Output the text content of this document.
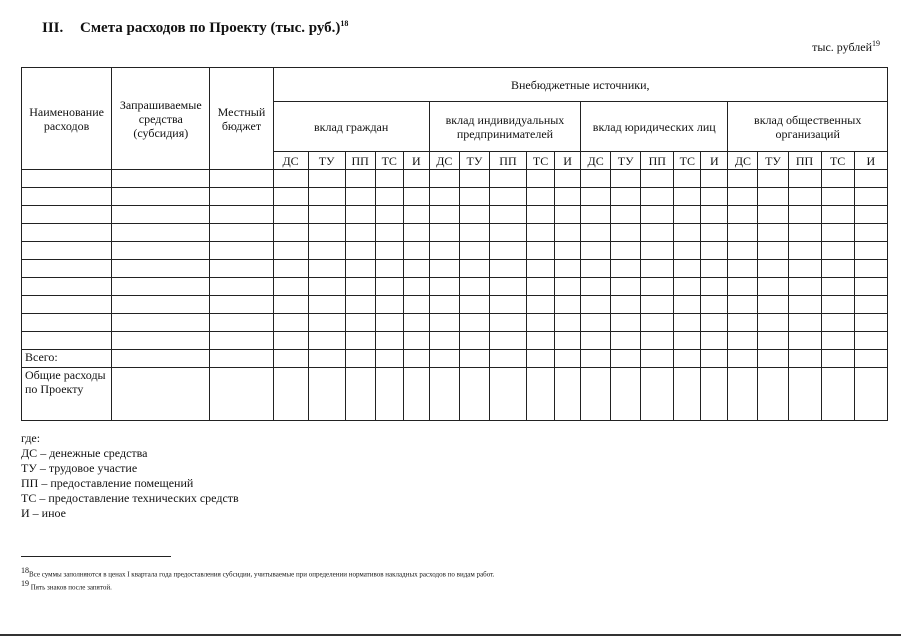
III. Смета расходов по Проекту (тыс. руб.)$^{18}$
тыс. рублей$^{19}$
Наименование расходов	Запрашиваемые средства (субсидия)	Местный бюджет	Внебюджетные источники,																			
			вклад граждан					вклад индивидуальных предпринимателей					вклад юридических лиц					вклад общественных организаций				
			ДС	ТУ	ПП	ТС	И	ДС	ТУ	ПП	ТС	И	ДС	ТУ	ПП	ТС	И	ДС	ТУ	ПП	ТС	И

Всего:																						
Общие расходы по Проекту																						
где:
ДС – денежные средства
ТУ – трудовое участие
ПП – предоставление помещений
ТС – предоставление технических средств
И – иное
$^{18}$Все суммы заполняются в ценах I квартала года предоставления субсидии, учитываемые при определении нормативов накладных расходов по видам работ.
$^{19}$ Пять знаков после запятой.
